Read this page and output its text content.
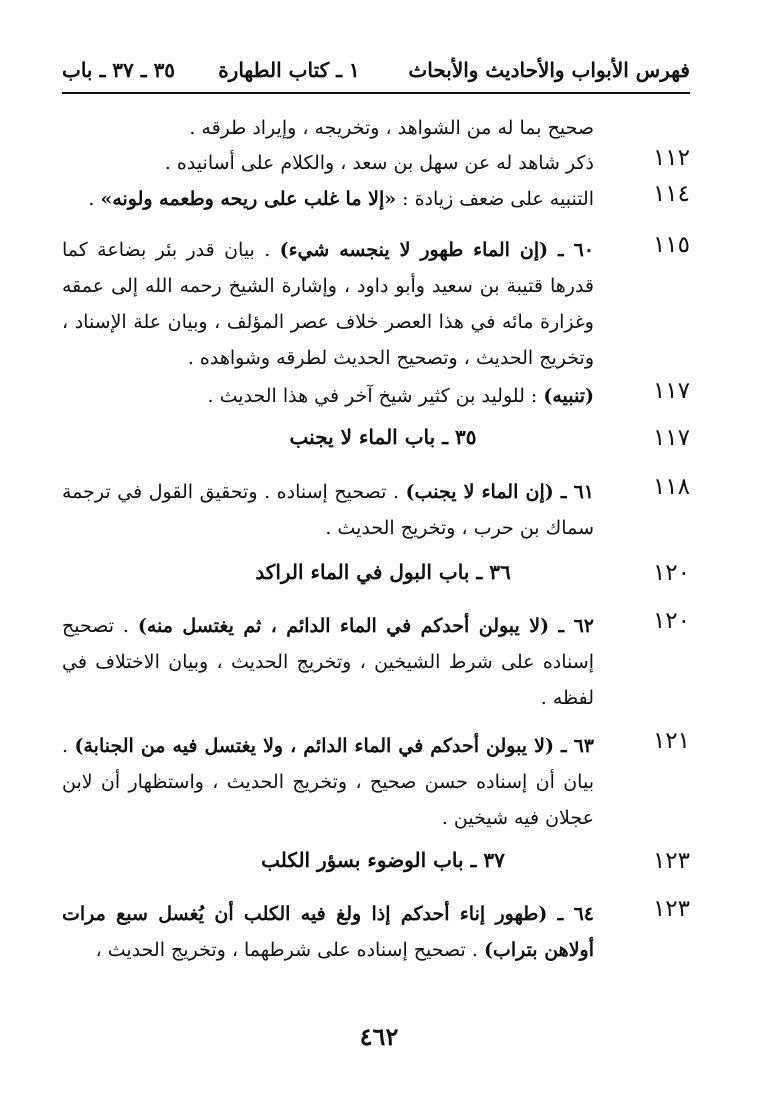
فهرس الأبواب والأحاديث والأبحاث       ١ ـ كتاب الطهارة
٣٥ ـ ٣٧ ـ باب
صحيح بما له من الشواهد ، وتخريجه ، وإيراد طرقه .
١١٢
ذكر شاهد له عن سهل بن سعد ، والكلام على أسانيده .
١١٤
التنبيه على ضعف زيادة : «إلا ما غلب على ريحه وطعمه ولونه» .
١١٥
٦٠ ـ (إن الماء طهور لا ينجسه شيء) . بيان قدر بئر بضاعة كما قدرها قتيبة بن سعيد وأبو داود ، وإشارة الشيخ رحمه الله إلى عمقه وغزارة مائه في هذا العصر خلاف عصر المؤلف ، وبيان علة الإسناد ، وتخريج الحديث ، وتصحيح الحديث لطرقه وشواهده .
١١٧
(تنبيه) : للوليد بن كثير شيخ آخر في هذا الحديث .
١١٧
٣٥ ـ باب الماء لا يجنب
١١٨
٦١ ـ (إن الماء لا يجنب) . تصحيح إسناده . وتحقيق القول في ترجمة سماك بن حرب ، وتخريج الحديث .
١٢٠
٣٦ ـ باب البول في الماء الراكد
١٢٠
٦٢ ـ (لا يبولن أحدكم في الماء الدائم ، ثم يغتسل منه) . تصحيح إسناده على شرط الشيخين ، وتخريج الحديث ، وبيان الاختلاف في لفظه .
١٢١
٦٣ ـ (لا يبولن أحدكم في الماء الدائم ، ولا يغتسل فيه من الجنابة) . بيان أن إسناده حسن صحيح ، وتخريج الحديث ، واستظهار أن لابن عجلان فيه شيخين .
١٢٣
٣٧ ـ باب الوضوء بسؤر الكلب
١٢٣
٦٤ ـ (طهور إناء أحدكم إذا ولغ فيه الكلب أن يُغسل سبع مرات أولاهن بتراب) . تصحيح إسناده على شرطهما ، وتخريج الحديث ،
٤٦٢
